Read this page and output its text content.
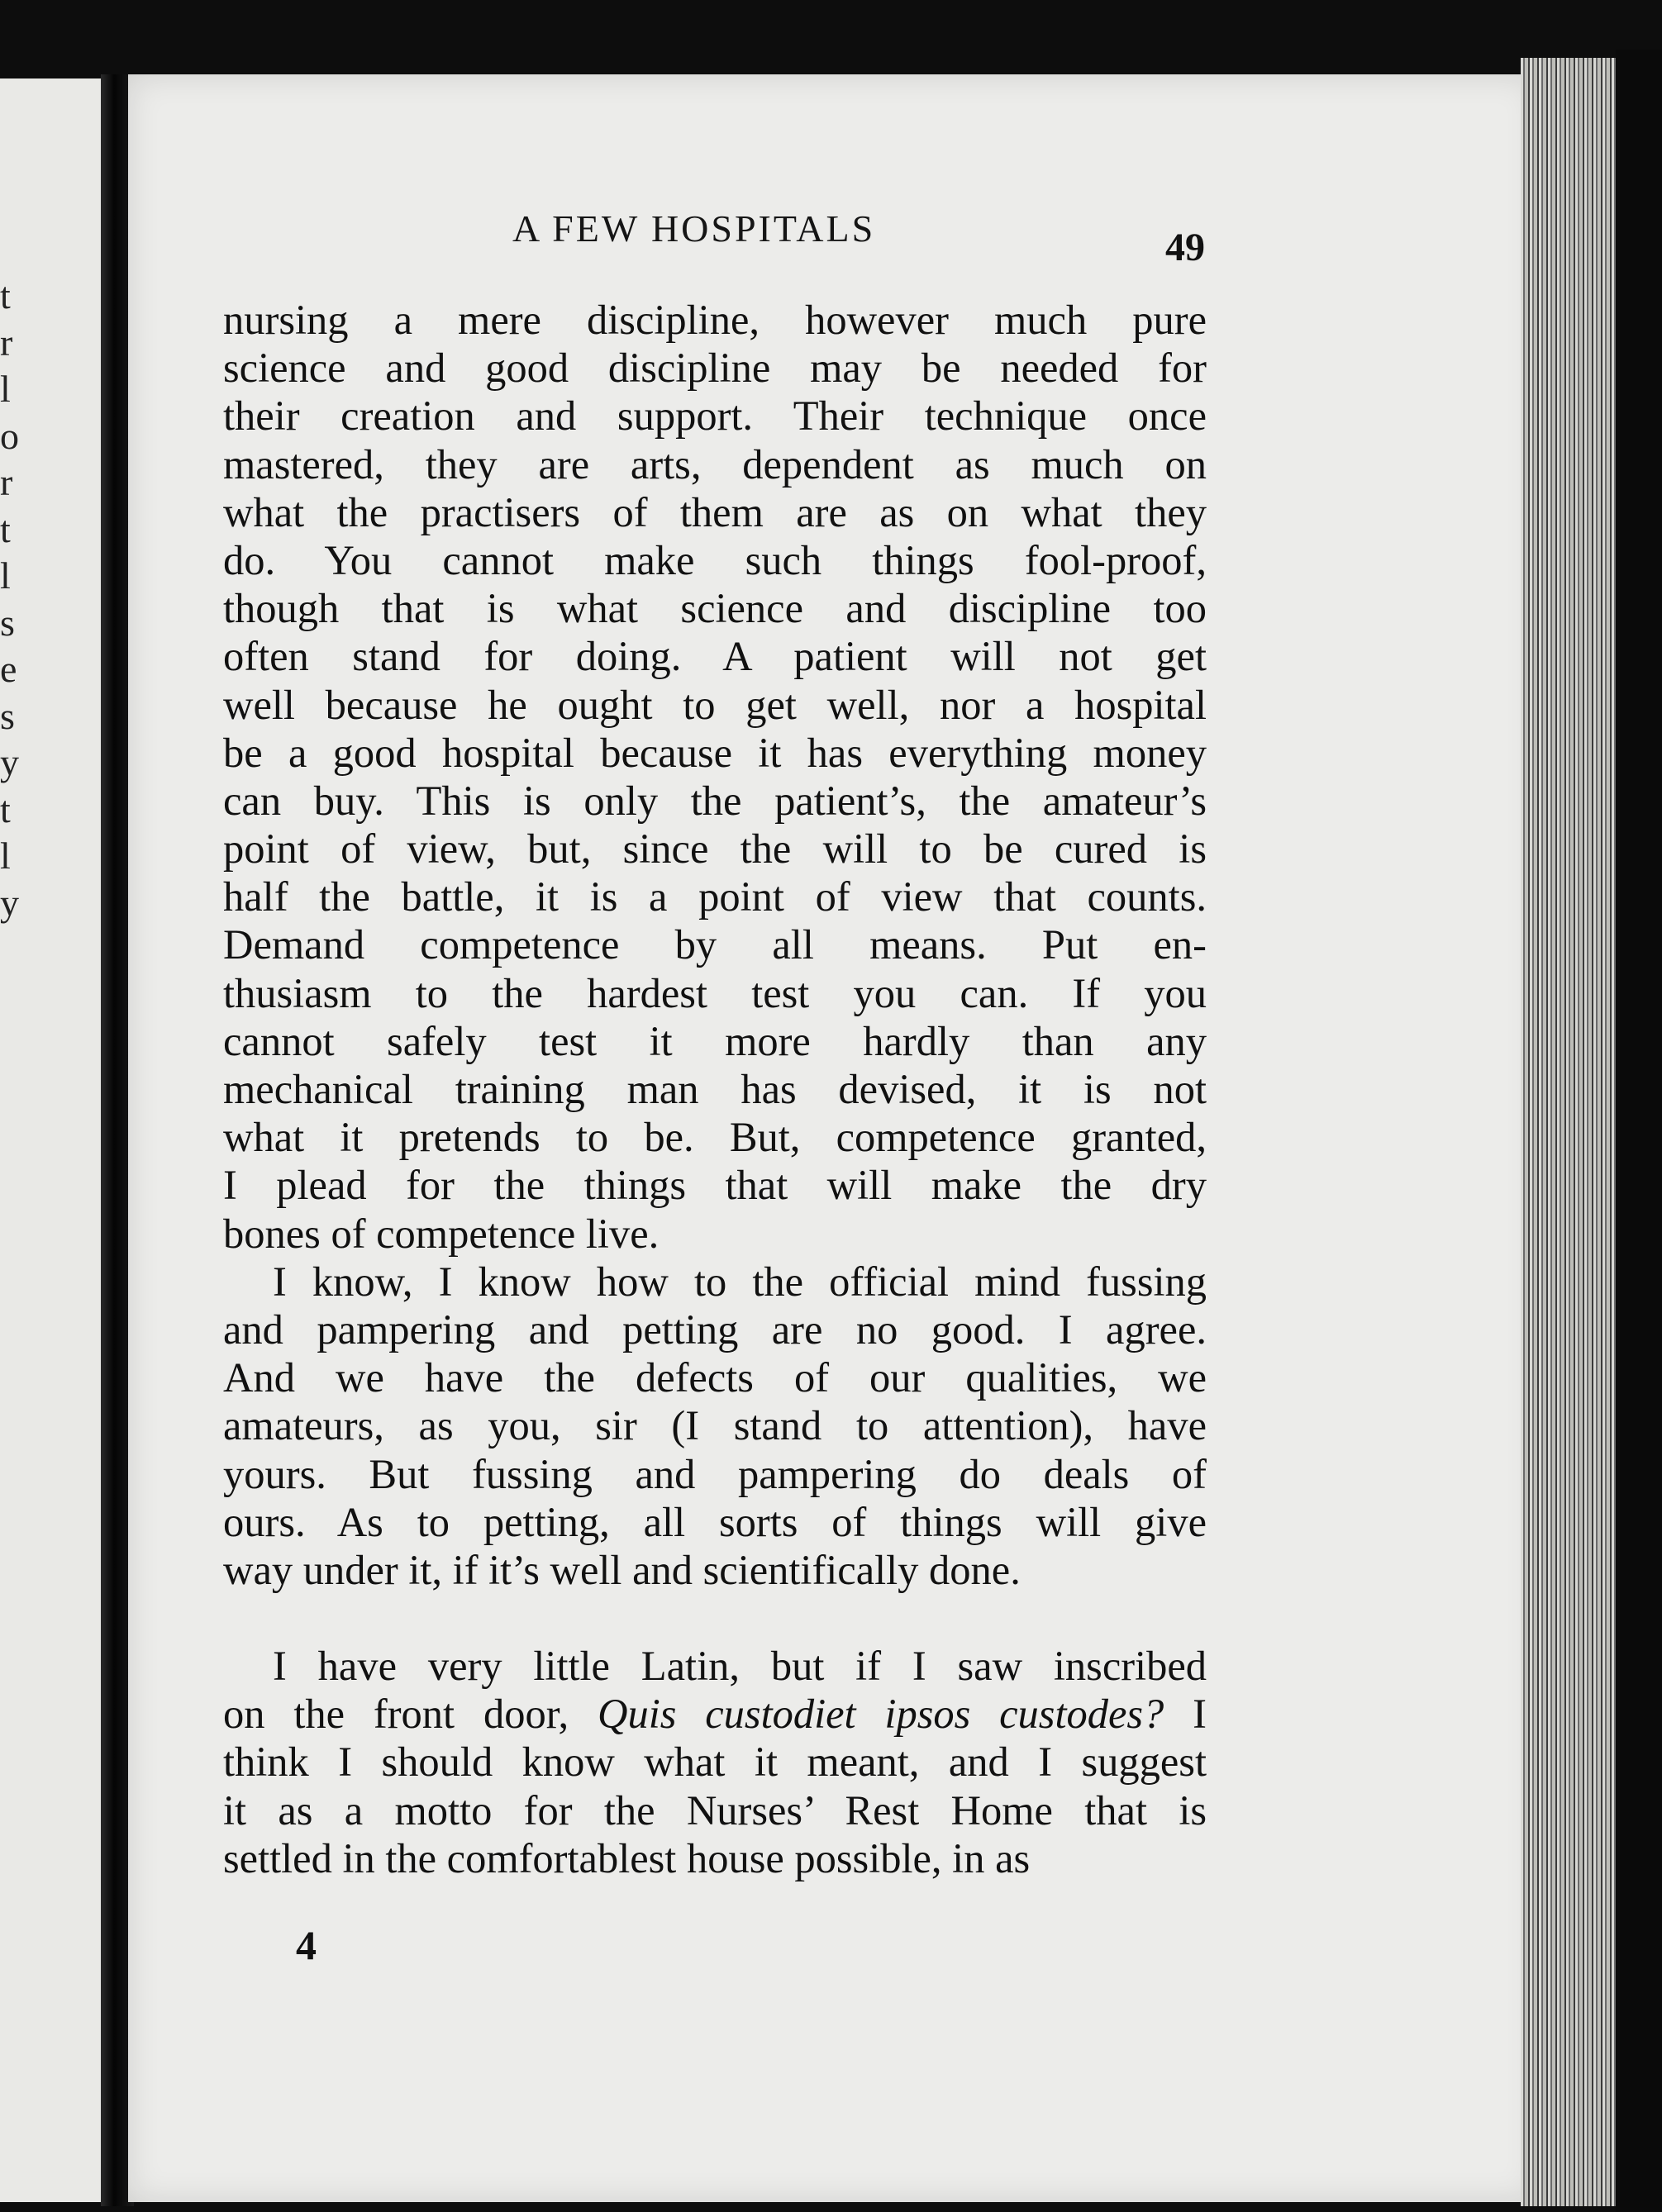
t
r
l
o
r
t
l
s
e
s
y
t
l
y
A FEW HOSPITALS	49
nursing a mere discipline, however much pure
science and good discipline may be needed for
their creation and support. Their technique once
mastered, they are arts, dependent as much on
what the practisers of them are as on what they
do. You cannot make such things fool-proof,
though that is what science and discipline too
often stand for doing. A patient will not get
well because he ought to get well, nor a hospital
be a good hospital because it has everything money
can buy. This is only the patient’s, the amateur’s
point of view, but, since the will to be cured is
half the battle, it is a point of view that counts.
Demand competence by all means. Put en-
thusiasm to the hardest test you can. If you
cannot safely test it more hardly than any
mechanical training man has devised, it is not
what it pretends to be. But, competence granted,
I plead for the things that will make the dry
bones of competence live.
I know, I know how to the official mind fussing
and pampering and petting are no good. I agree.
And we have the defects of our qualities, we
amateurs, as you, sir (I stand to attention), have
yours. But fussing and pampering do deals of
ours. As to petting, all sorts of things will give
way under it, if it’s well and scientifically done.
I have very little Latin, but if I saw inscribed
on the front door, Quis custodiet ipsos custodes? I
think I should know what it meant, and I suggest
it as a motto for the Nurses’ Rest Home that is
settled in the comfortablest house possible, in as
4
